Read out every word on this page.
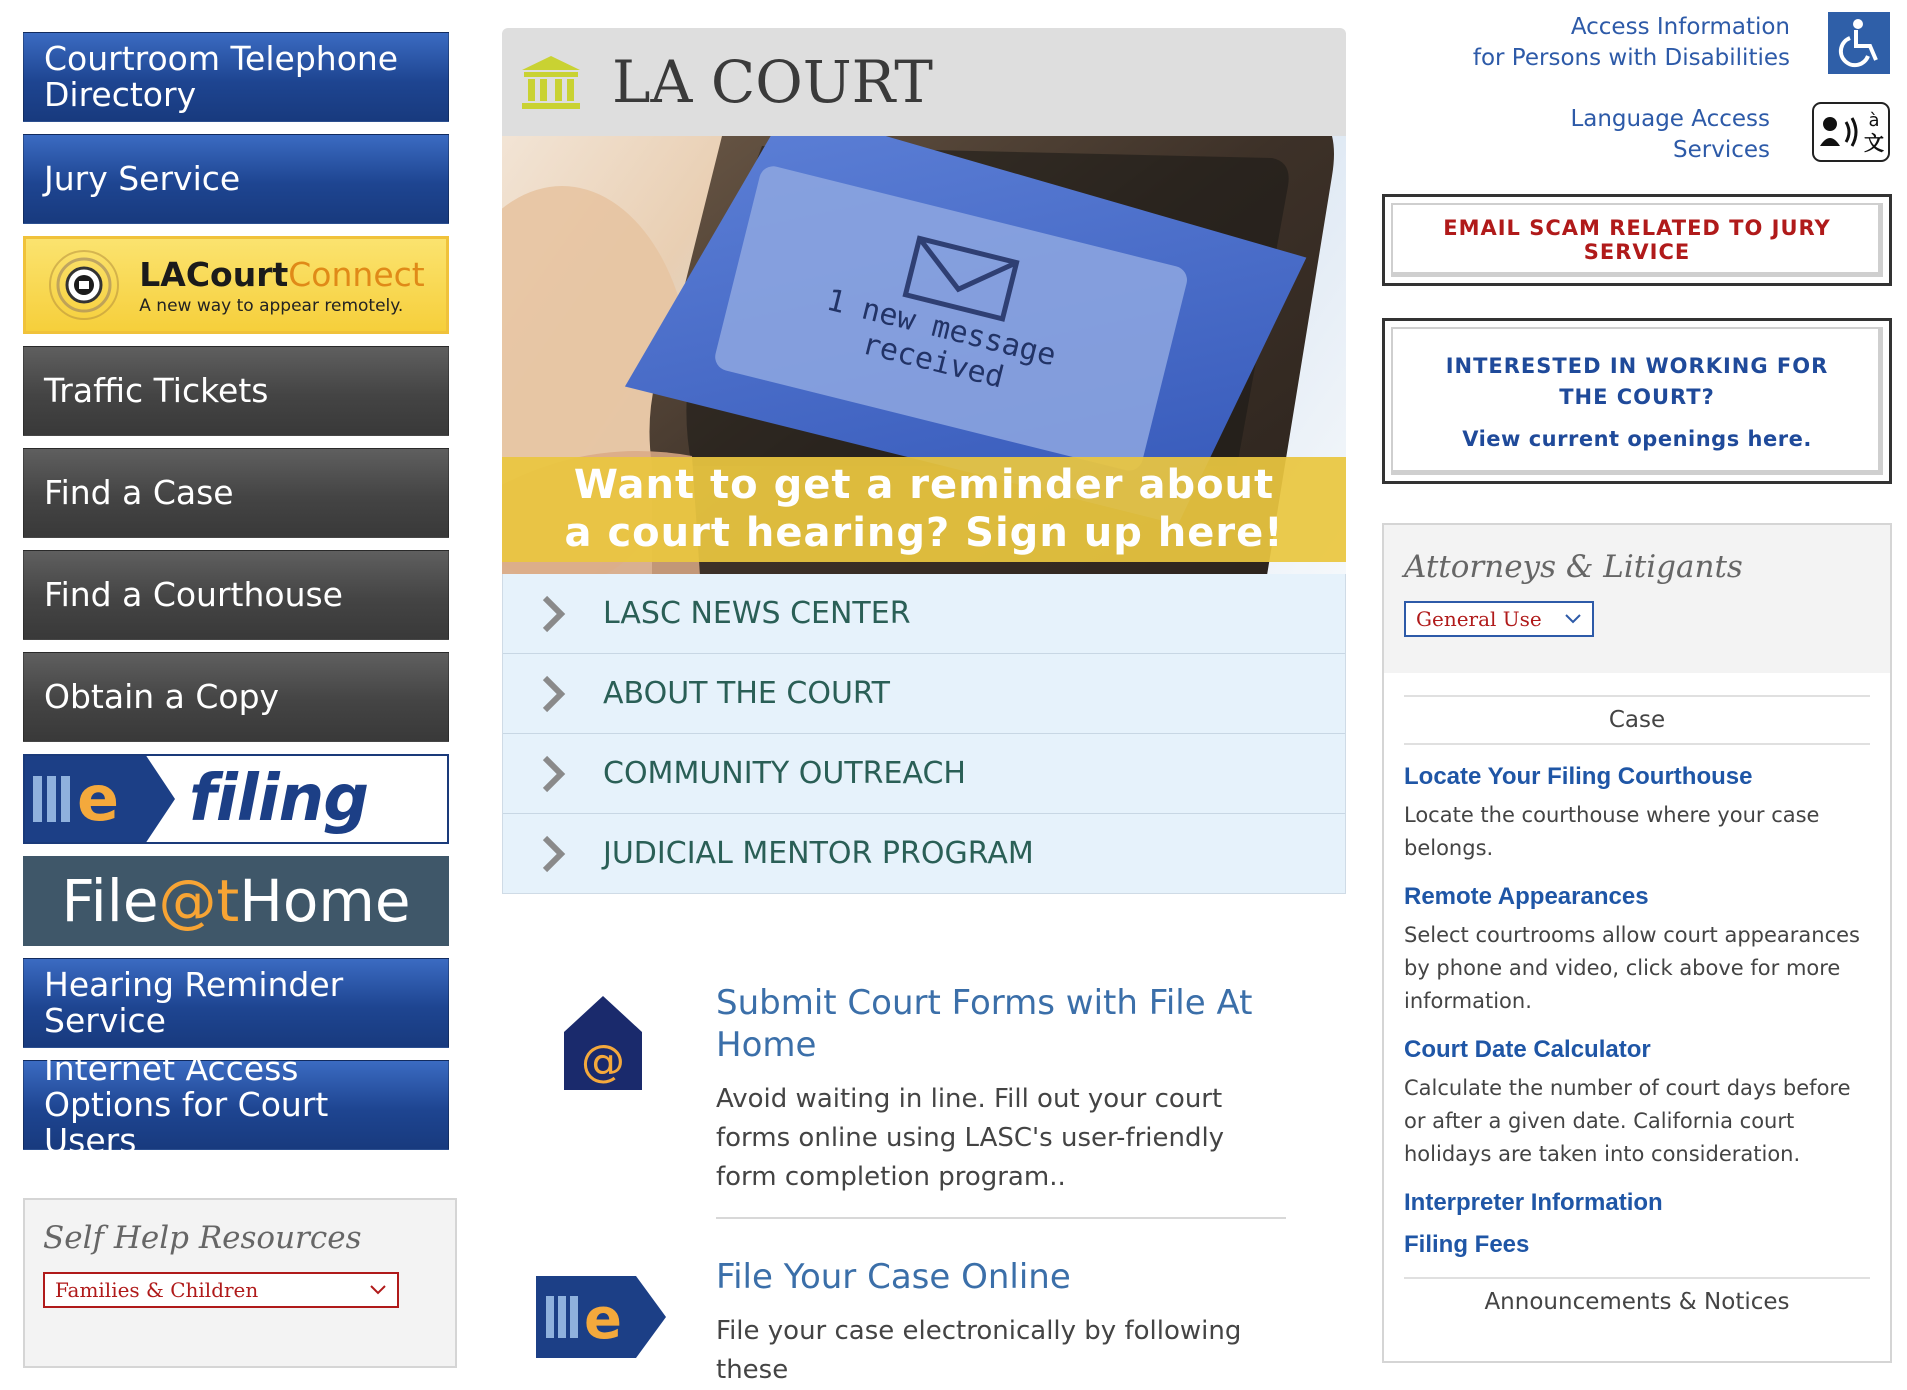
Courtroom Telephone Directory
Jury Service
LACourtConnect
A new way to appear remotely.
Traffic Tickets
Find a Case
Find a Courthouse
Obtain a Copy
e filing
File @t Home
Hearing Reminder Service
Internet Access Options for Court Users
Self Help Resources
Families & Children
LA COURT
1 new message received
Want to get a reminder about
a court hearing? Sign up here!
LASC NEWS CENTER
ABOUT THE COURT
COMMUNITY OUTREACH
JUDICIAL MENTOR PROGRAM
@
Submit Court Forms with File At Home
Avoid waiting in line. Fill out your court forms online using LASC's user-friendly form completion program..
e
File Your Case Online
File your case electronically by following these
Access Information
for Persons with Disabilities
Language Access
Services
à
文
EMAIL SCAM RELATED TO JURY SERVICE
INTERESTED IN WORKING FOR THE COURT?
View current openings here.
Attorneys & Litigants
General Use
Case
Locate Your Filing Courthouse
Locate the courthouse where your case belongs.
Remote Appearances
Select courtrooms allow court appearances by phone and video, click above for more information.
Court Date Calculator
Calculate the number of court days before or after a given date. California court holidays are taken into consideration.
Interpreter Information
Filing Fees
Announcements & Notices
